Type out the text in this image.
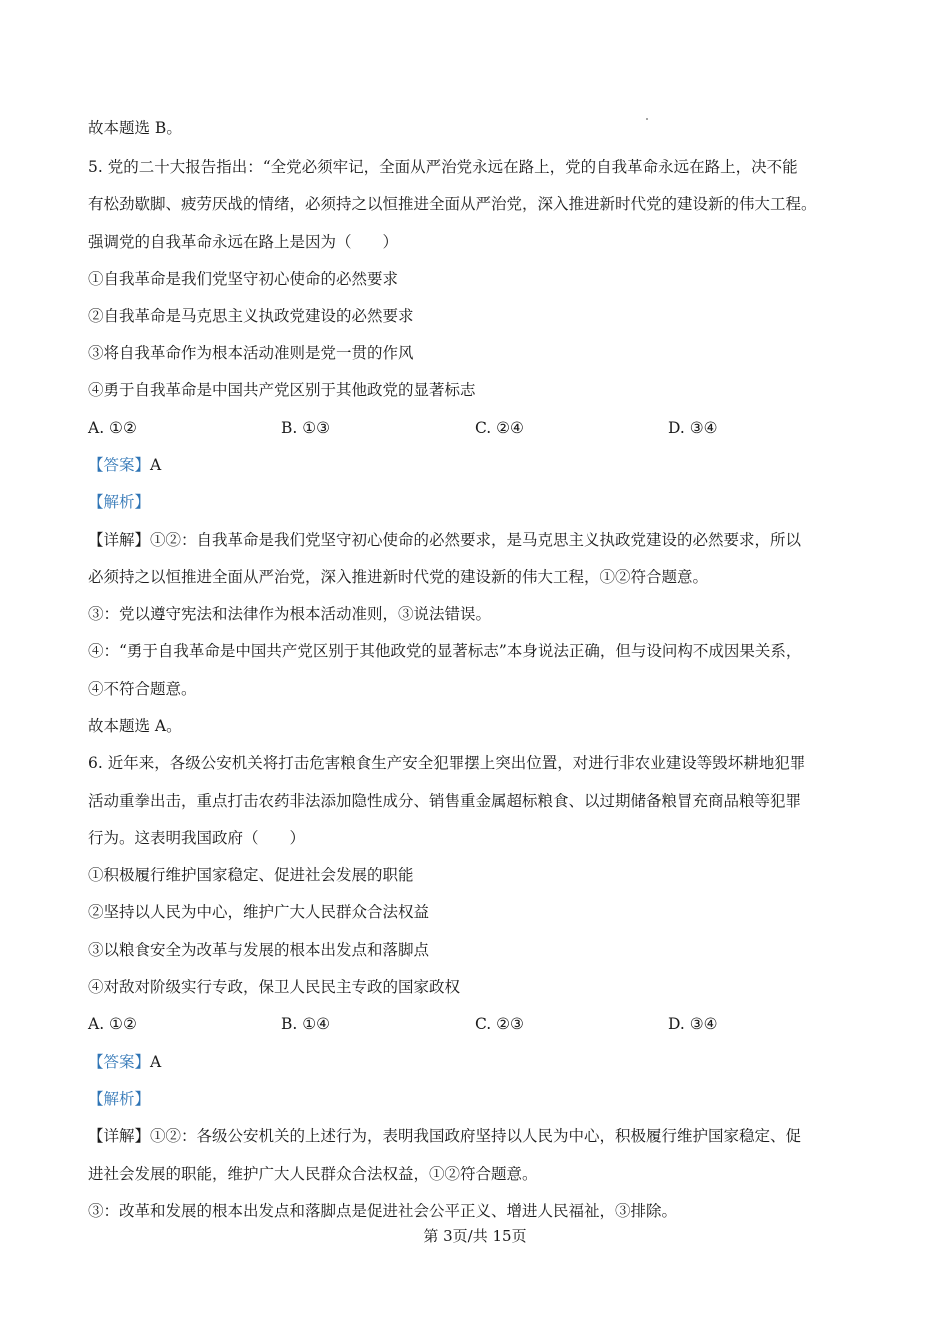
故本题选 B。
5. 党的二十大报告指出：“全党必须牢记，全面从严治党永远在路上，党的自我革命永远在路上，决不能
有松劲歇脚、疲劳厌战的情绪，必须持之以恒推进全面从严治党，深入推进新时代党的建设新的伟大工程。
强调党的自我革命永远在路上是因为（　　）
①自我革命是我们党坚守初心使命的必然要求
②自我革命是马克思主义执政党建设的必然要求
③将自我革命作为根本活动准则是党一贯的作风
④勇于自我革命是中国共产党区别于其他政党的显著标志
A. ①②	B. ①③	C. ②④	D. ③④
【答案】A
【解析】
【详解】①②：自我革命是我们党坚守初心使命的必然要求，是马克思主义执政党建设的必然要求，所以
必须持之以恒推进全面从严治党，深入推进新时代党的建设新的伟大工程，①②符合题意。
③：党以遵守宪法和法律作为根本活动准则，③说法错误。
④：“勇于自我革命是中国共产党区别于其他政党的显著标志”本身说法正确，但与设问构不成因果关系，
④不符合题意。
故本题选 A。
6. 近年来，各级公安机关将打击危害粮食生产安全犯罪摆上突出位置，对进行非农业建设等毁坏耕地犯罪
活动重拳出击，重点打击农药非法添加隐性成分、销售重金属超标粮食、以过期储备粮冒充商品粮等犯罪
行为。这表明我国政府（　　）
①积极履行维护国家稳定、促进社会发展的职能
②坚持以人民为中心，维护广大人民群众合法权益
③以粮食安全为改革与发展的根本出发点和落脚点
④对敌对阶级实行专政，保卫人民民主专政的国家政权
A. ①②	B. ①④	C. ②③	D. ③④
【答案】A
【解析】
【详解】①②：各级公安机关的上述行为，表明我国政府坚持以人民为中心，积极履行维护国家稳定、促
进社会发展的职能，维护广大人民群众合法权益，①②符合题意。
③：改革和发展的根本出发点和落脚点是促进社会公平正义、增进人民福祉，③排除。
第 3页/共 15页
